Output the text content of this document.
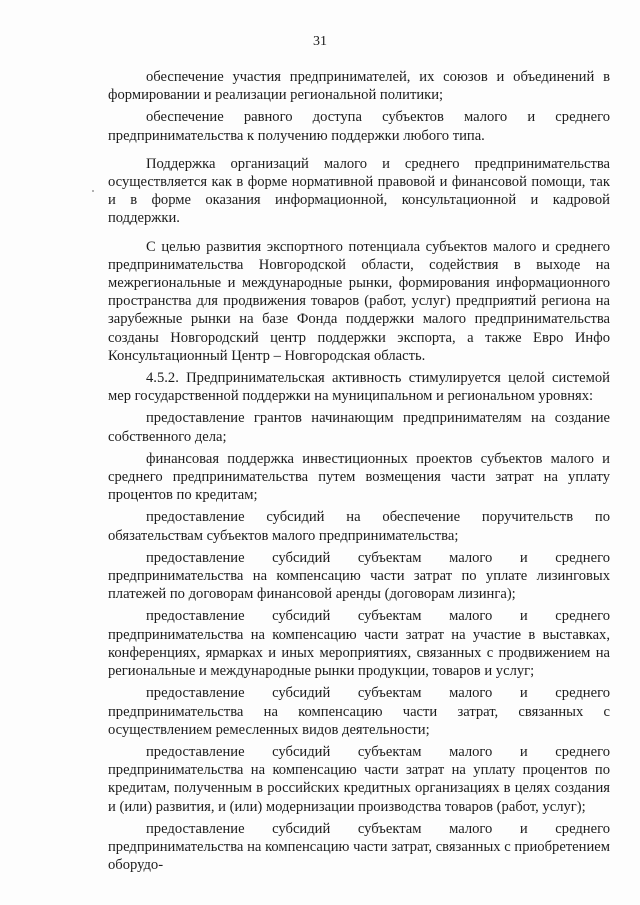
31

обеспечение участия предпринимателей, их союзов и объединений в формировании и реализации региональной политики;

обеспечение равного доступа субъектов малого и среднего предпринимательства к получению поддержки любого типа.

Поддержка организаций малого и среднего предпринимательства осуществляется как в форме нормативной правовой и финансовой помощи, так и в форме оказания информационной, консультационной и кадровой поддержки.

С целью развития экспортного потенциала субъектов малого и среднего предпринимательства Новгородской области, содействия в выходе на межрегиональные и международные рынки, формирования информационного пространства для продвижения товаров (работ, услуг) предприятий региона на зарубежные рынки на базе Фонда поддержки малого предпринимательства созданы Новгородский центр поддержки экспорта, а также Евро Инфо Консультационный Центр – Новгородская область.

4.5.2. Предпринимательская активность стимулируется целой системой мер государственной поддержки на муниципальном и региональном уровнях:

предоставление грантов начинающим предпринимателям на создание собственного дела;

финансовая поддержка инвестиционных проектов субъектов малого и среднего предпринимательства путем возмещения части затрат на уплату процентов по кредитам;

предоставление субсидий на обеспечение поручительств по обязательствам субъектов малого предпринимательства;

предоставление субсидий субъектам малого и среднего предпринимательства на компенсацию части затрат по уплате лизинговых платежей по договорам финансовой аренды (договорам лизинга);

предоставление субсидий субъектам малого и среднего предпринимательства на компенсацию части затрат на участие в выставках, конференциях, ярмарках и иных мероприятиях, связанных с продвижением на региональные и международные рынки продукции, товаров и услуг;

предоставление субсидий субъектам малого и среднего предпринимательства на компенсацию части затрат, связанных с осуществлением ремесленных видов деятельности;

предоставление субсидий субъектам малого и среднего предпринимательства на компенсацию части затрат на уплату процентов по кредитам, полученным в российских кредитных организациях в целях создания и (или) развития, и (или) модернизации производства товаров (работ, услуг);

предоставление субсидий субъектам малого и среднего предпринимательства на компенсацию части затрат, связанных с приобретением оборудо-
